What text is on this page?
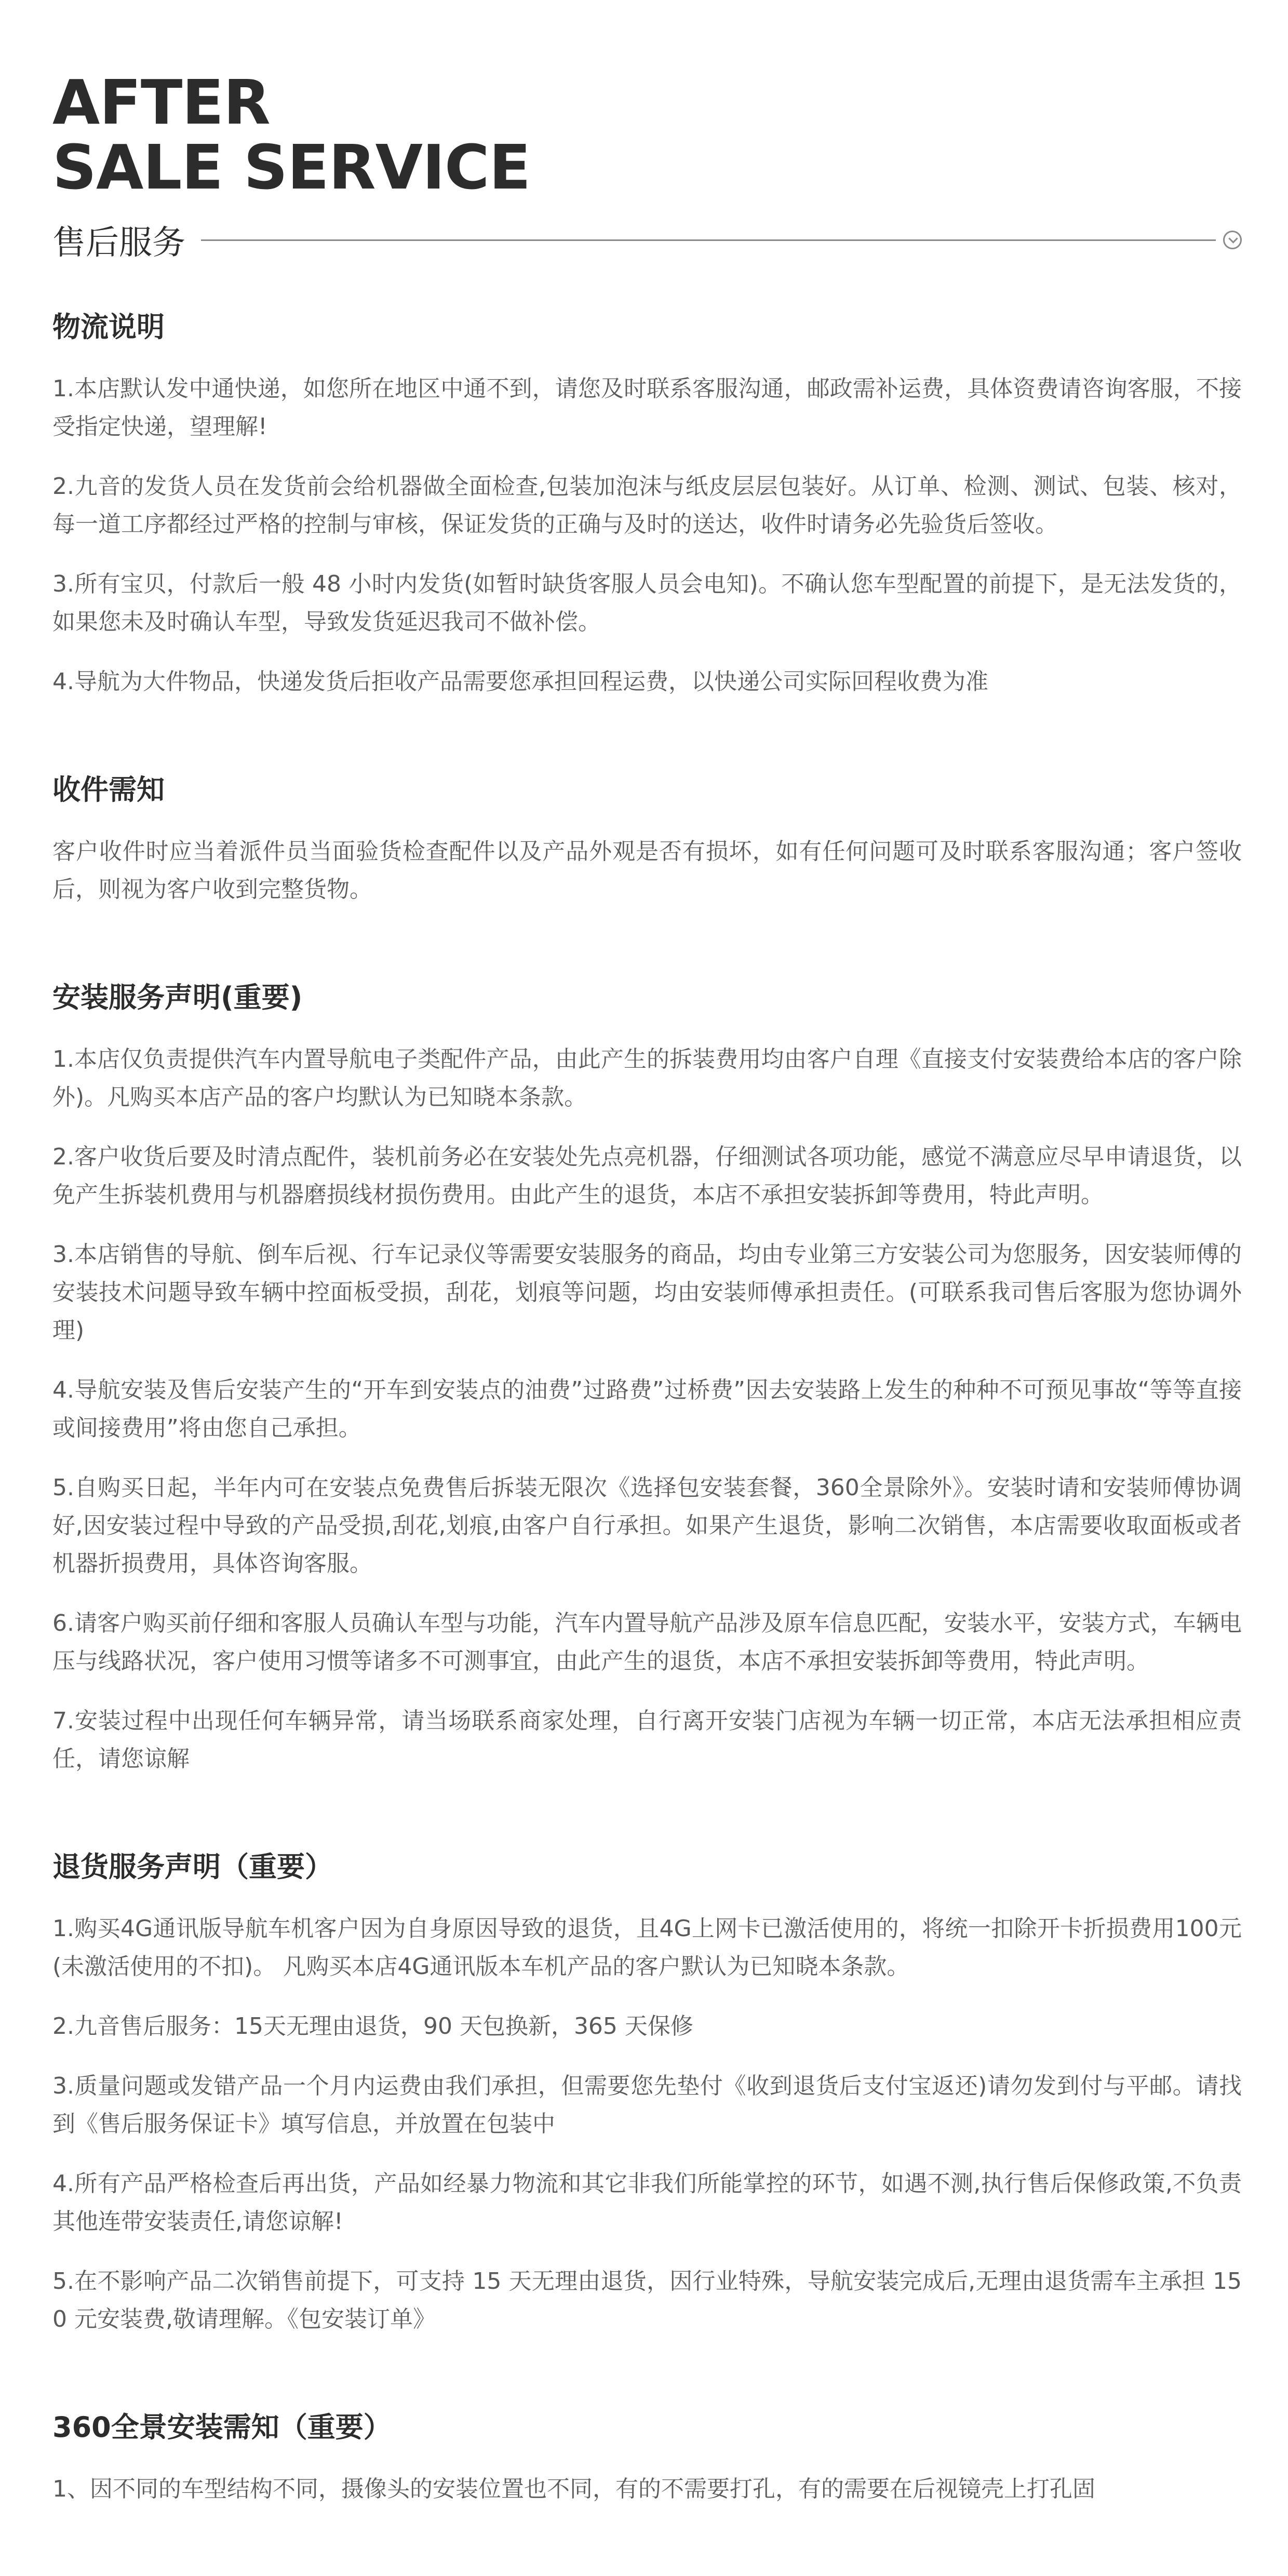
AFTER
SALE SERVICE
售后服务
物流说明

1.本店默认发中通快递，如您所在地区中通不到，请您及时联系客服沟通，邮政需补运费，具体资费请咨询客服，不接受指定快递，望理解!

2.九音的发货人员在发货前会给机器做全面检查,包装加泡沫与纸皮层层包装好。从订单、检测、测试、包装、核对，每一道工序都经过严格的控制与审核，保证发货的正确与及时的送达，收件时请务必先验货后签收。

3.所有宝贝，付款后一般 48 小时内发货(如暂时缺货客服人员会电知)。不确认您车型配置的前提下，是无法发货的，如果您未及时确认车型，导致发货延迟我司不做补偿。

4.导航为大件物品，快递发货后拒收产品需要您承担回程运费，以快递公司实际回程收费为准

收件需知

客户收件时应当着派件员当面验货检查配件以及产品外观是否有损坏，如有任何问题可及时联系客服沟通；客户签收后，则视为客户收到完整货物。

安装服务声明(重要)

1.本店仅负责提供汽车内置导航电子类配件产品，由此产生的拆装费用均由客户自理《直接支付安装费给本店的客户除外)。凡购买本店产品的客户均默认为已知晓本条款。

2.客户收货后要及时清点配件，装机前务必在安装处先点亮机器，仔细测试各项功能，感觉不满意应尽早申请退货，以免产生拆装机费用与机器磨损线材损伤费用。由此产生的退货，本店不承担安装拆卸等费用，特此声明。

3.本店销售的导航、倒车后视、行车记录仪等需要安装服务的商品，均由专业第三方安装公司为您服务，因安装师傅的安装技术问题导致车辆中控面板受损，刮花，划痕等问题，均由安装师傅承担责任。(可联系我司售后客服为您协调外理)

4.导航安装及售后安装产生的“开车到安装点的油费”过路费”过桥费”因去安装路上发生的种种不可预见事故“等等直接或间接费用”将由您自己承担。

5.自购买日起，半年内可在安装点免费售后拆装无限次《选择包安装套餐，360全景除外》。安装时请和安装师傅协调好,因安装过程中导致的产品受损,刮花,划痕,由客户自行承担。如果产生退货，影响二次销售，本店需要收取面板或者机器折损费用，具体咨询客服。

6.请客户购买前仔细和客服人员确认车型与功能，汽车内置导航产品涉及原车信息匹配，安装水平，安装方式，车辆电压与线路状况，客户使用习惯等诸多不可测事宜，由此产生的退货，本店不承担安装拆卸等费用，特此声明。

7.安装过程中出现任何车辆异常，请当场联系商家处理，自行离开安装门店视为车辆一切正常，本店无法承担相应责任，请您谅解

退货服务声明（重要）

1.购买4G通讯版导航车机客户因为自身原因导致的退货，且4G上网卡已激活使用的，将统一扣除开卡折损费用100元(未激活使用的不扣)。 凡购买本店4G通讯版本车机产品的客户默认为已知晓本条款。

2.九音售后服务：15天无理由退货，90 天包换新，365 天保修

3.质量问题或发错产品一个月内运费由我们承担，但需要您先垫付《收到退货后支付宝返还)请勿发到付与平邮。请找到《售后服务保证卡》填写信息，并放置在包装中

4.所有产品严格检查后再出货，产品如经暴力物流和其它非我们所能掌控的环节，如遇不测,执行售后保修政策,不负责其他连带安装责任,请您谅解!

5.在不影响产品二次销售前提下，可支持 15 天无理由退货，因行业特殊，导航安装完成后,无理由退货需车主承担 150 元安装费,敬请理解。《包安装订单》

360全景安装需知（重要）

1、因不同的车型结构不同，摄像头的安装位置也不同，有的不需要打孔，有的需要在后视镜壳上打孔固
